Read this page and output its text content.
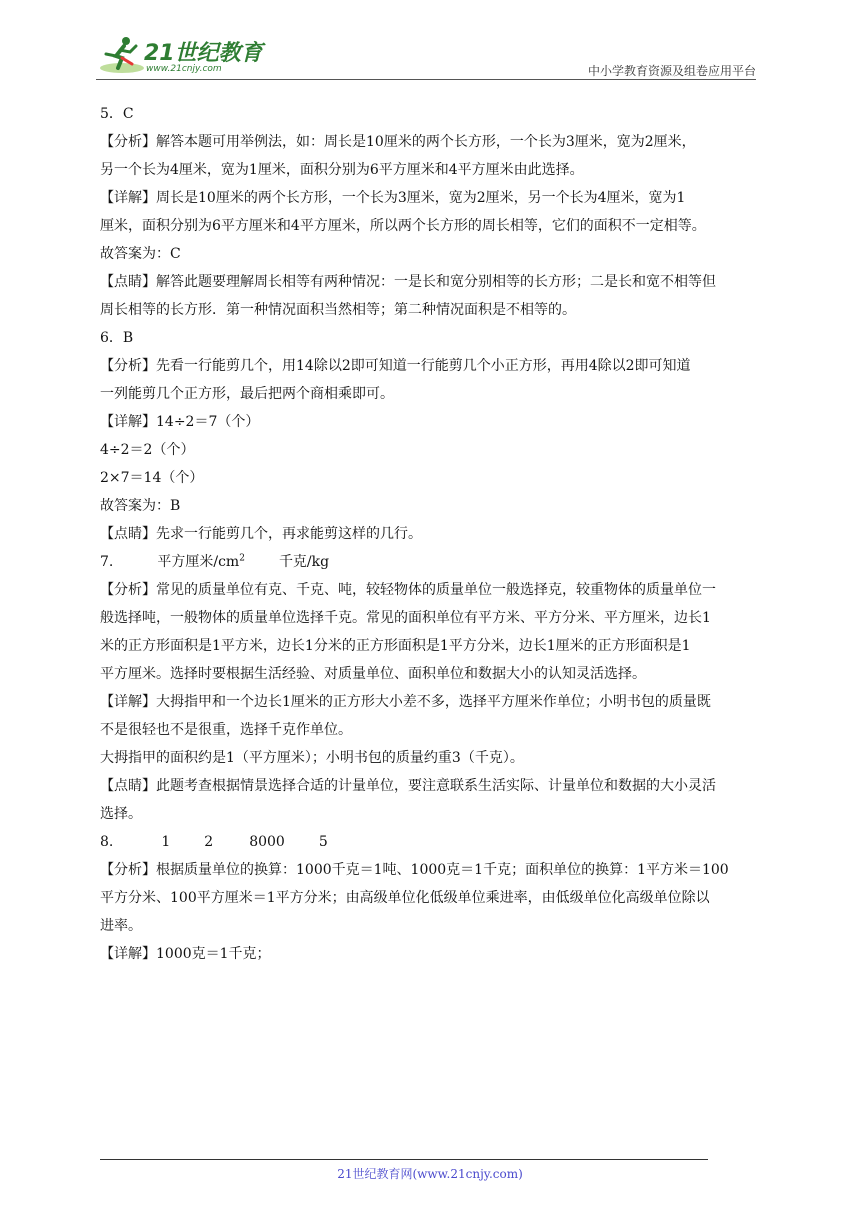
21世纪教育
www.21cnjy.com	中小学教育资源及组卷应用平台
5．C
【分析】解答本题可用举例法，如：周长是10厘米的两个长方形，一个长为3厘米，宽为2厘米，
另一个长为4厘米，宽为1厘米，面积分别为6平方厘米和4平方厘米由此选择。
【详解】周长是10厘米的两个长方形，一个长为3厘米，宽为2厘米，另一个长为4厘米，宽为1
厘米，面积分别为6平方厘米和4平方厘米，所以两个长方形的周长相等，它们的面积不一定相等。
故答案为：C
【点睛】解答此题要理解周长相等有两种情况：一是长和宽分别相等的长方形；二是长和宽不相等但
周长相等的长方形．第一种情况面积当然相等；第二种情况面积是不相等的。
6．B
【分析】先看一行能剪几个，用14除以2即可知道一行能剪几个小正方形，再用4除以2即可知道
一列能剪几个正方形，最后把两个商相乘即可。
【详解】14÷2＝7（个）
4÷2＝2（个）
2×7＝14（个）
故答案为：B
【点睛】先求一行能剪几个，再求能剪这样的几行。
7.	平方厘米$/cm^2$ 千克/kg
【分析】常见的质量单位有克、千克、吨，较轻物体的质量单位一般选择克，较重物体的质量单位一
般选择吨，一般物体的质量单位选择千克。常见的面积单位有平方米、平方分米、平方厘米，边长1
米的正方形面积是1平方米，边长1分米的正方形面积是1平方分米，边长1厘米的正方形面积是1
平方厘米。选择时要根据生活经验、对质量单位、面积单位和数据大小的认知灵活选择。
【详解】大拇指甲和一个边长1厘米的正方形大小差不多，选择平方厘米作单位；小明书包的质量既
不是很轻也不是很重，选择千克作单位。
大拇指甲的面积约是1（平方厘米）；小明书包的质量约重3（千克）。
【点睛】此题考查根据情景选择合适的计量单位，要注意联系生活实际、计量单位和数据的大小灵活
选择。
8.	1 2	8000 5
【分析】根据质量单位的换算：1000千克＝1吨、1000克＝1千克；面积单位的换算：1平方米＝100
平方分米、100平方厘米＝1平方分米；由高级单位化低级单位乘进率，由低级单位化高级单位除以
进率。
【详解】1000克＝1千克；
21世纪教育网(www.21cnjy.com)
